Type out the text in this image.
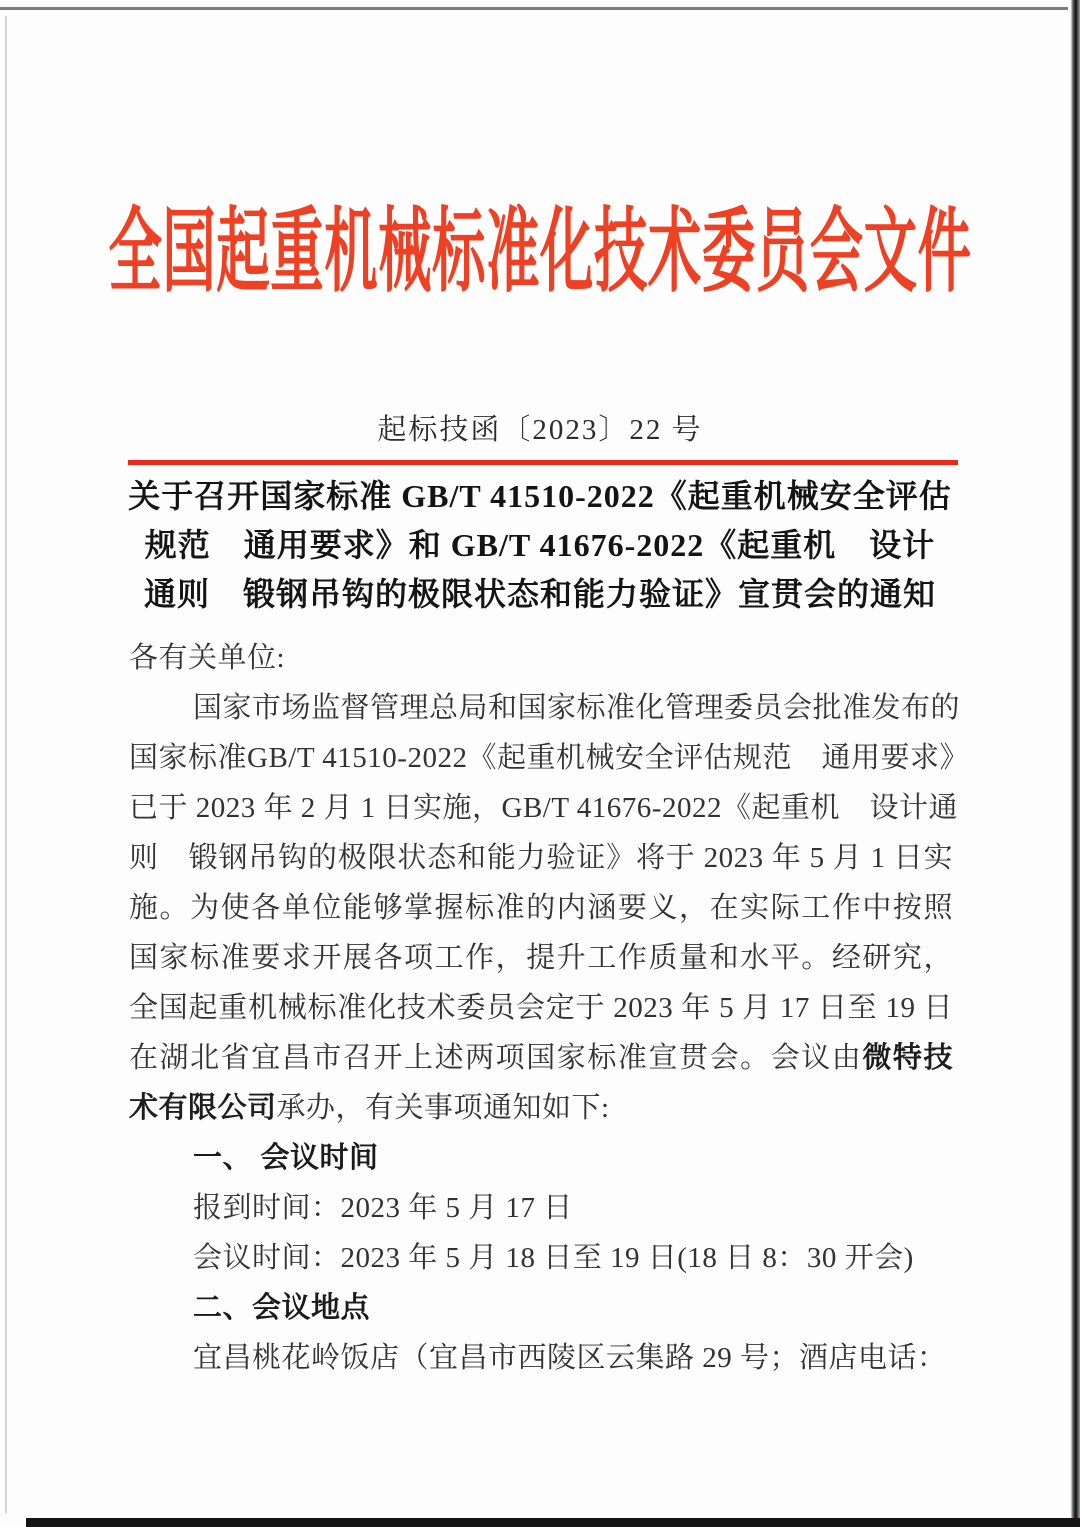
全国起重机械标准化技术委员会文件
起标技函〔2023〕22 号
关于召开国家标准 GB/T 41510-2022《起重机械安全评估
规范　通用要求》和 GB/T 41676-2022《起重机　设计
通则　锻钢吊钩的极限状态和能力验证》宣贯会的通知
各有关单位:
国家市场监督管理总局和国家标准化管理委员会批准发布的
国家标准GB/T 41510-2022《起重机械安全评估规范　通用要求》
已于 2023 年 2 月 1 日实施，GB/T 41676-2022《起重机　设计通
则　锻钢吊钩的极限状态和能力验证》将于 2023 年 5 月 1 日实
施。为使各单位能够掌握标准的内涵要义，在实际工作中按照
国家标准要求开展各项工作，提升工作质量和水平。经研究，
全国起重机械标准化技术委员会定于 2023 年 5 月 17 日至 19 日
在湖北省宜昌市召开上述两项国家标准宣贯会。会议由微特技
术有限公司承办，有关事项通知如下:
一、 会议时间
报到时间：2023 年 5 月 17 日
会议时间：2023 年 5 月 18 日至 19 日(18 日 8：30 开会)
二、会议地点
宜昌桃花岭饭店（宜昌市西陵区云集路 29 号；酒店电话：
